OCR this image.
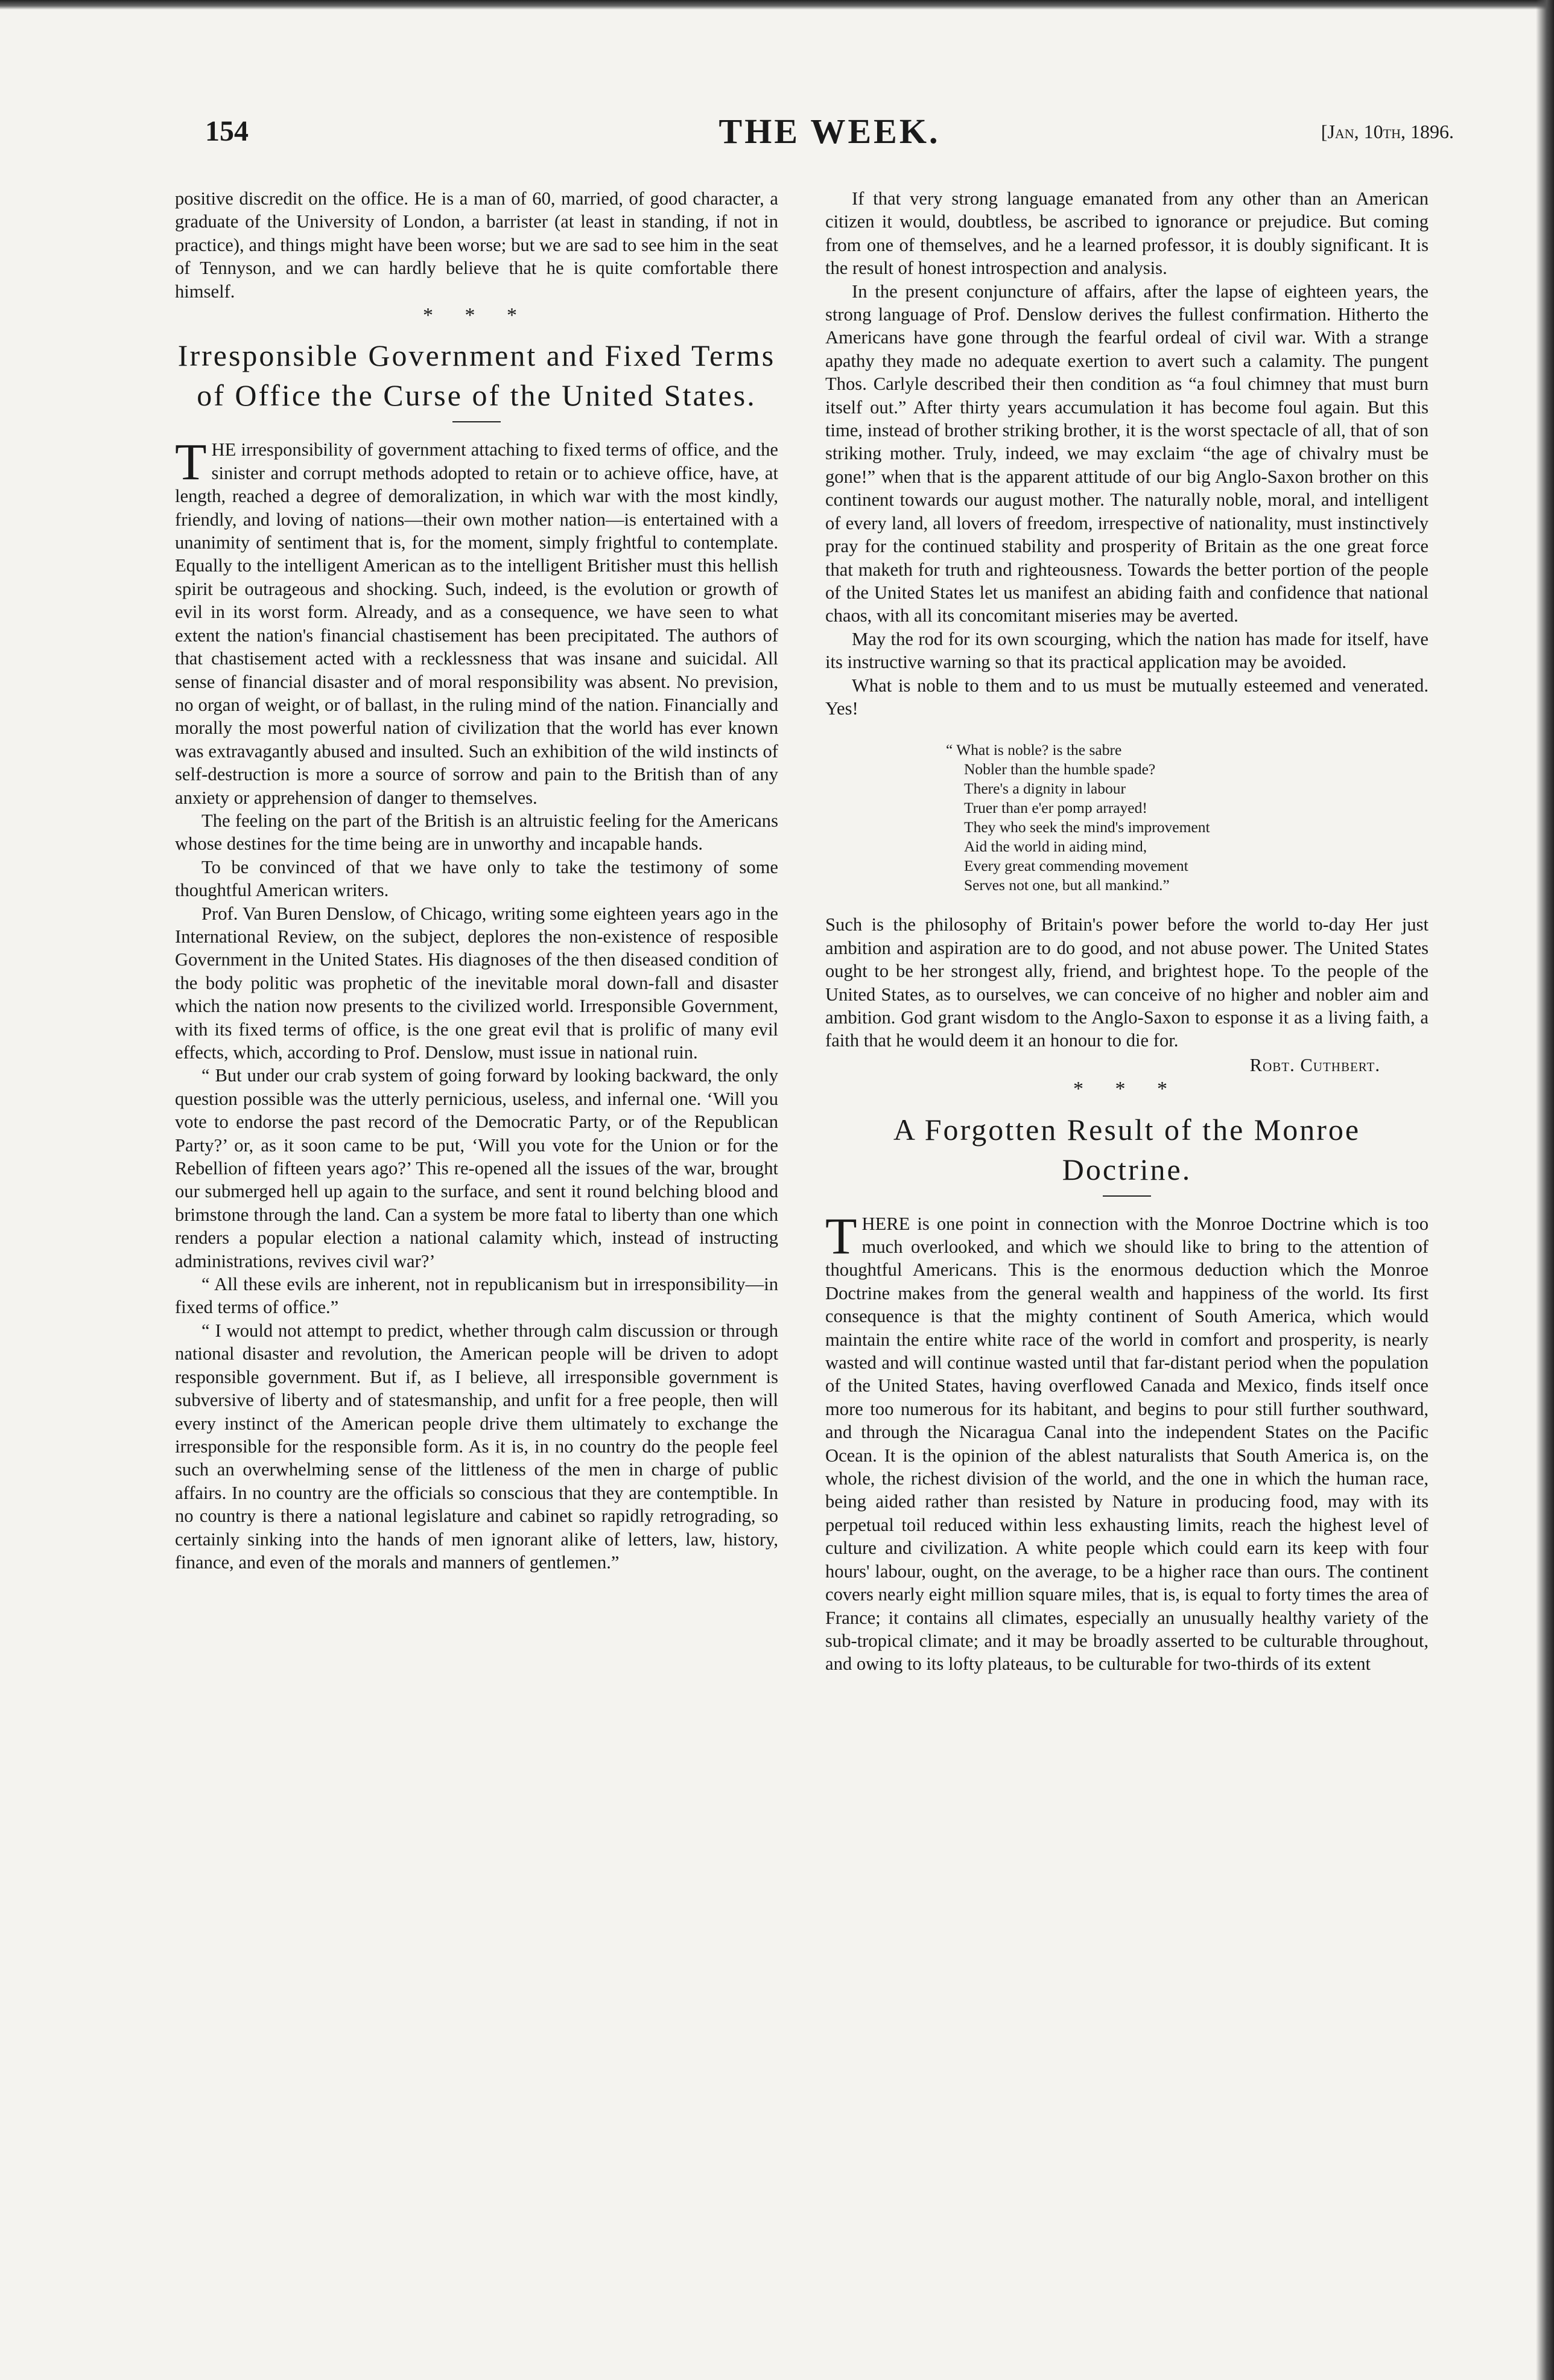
154	THE WEEK.	[Jan, 10th, 1896.

positive discredit on the office. He is a man of 60, married, of good character, a graduate of the University of London, a barrister (at least in standing, if not in practice), and things might have been worse; but we are sad to see him in the seat of Tennyson, and we can hardly believe that he is quite comfortable there himself.

* * *
Irresponsible Government and Fixed Terms of Office the Curse of the United States.

THE irresponsibility of government attaching to fixed terms of office, and the sinister and corrupt methods adopted to retain or to achieve office, have, at length, reached a degree of demoralization, in which war with the most kindly, friendly, and loving of nations—their own mother nation—is entertained with a unanimity of sentiment that is, for the moment, simply frightful to contemplate. Equally to the intelligent American as to the intelligent Britisher must this hellish spirit be outrageous and shocking. Such, indeed, is the evolution or growth of evil in its worst form. Already, and as a consequence, we have seen to what extent the nation's financial chastisement has been precipitated. The authors of that chastisement acted with a recklessness that was insane and suicidal. All sense of financial disaster and of moral responsibility was absent. No prevision, no organ of weight, or of ballast, in the ruling mind of the nation. Financially and morally the most powerful nation of civilization that the world has ever known was extravagantly abused and insulted. Such an exhibition of the wild instincts of self-destruction is more a source of sorrow and pain to the British than of any anxiety or apprehension of danger to themselves.

The feeling on the part of the British is an altruistic feeling for the Americans whose destines for the time being are in unworthy and incapable hands.

To be convinced of that we have only to take the testimony of some thoughtful American writers.

Prof. Van Buren Denslow, of Chicago, writing some eighteen years ago in the International Review, on the subject, deplores the non-existence of resposible Government in the United States. His diagnoses of the then diseased condition of the body politic was prophetic of the inevitable moral down-fall and disaster which the nation now presents to the civilized world. Irresponsible Government, with its fixed terms of office, is the one great evil that is prolific of many evil effects, which, according to Prof. Denslow, must issue in national ruin.

“ But under our crab system of going forward by looking backward, the only question possible was the utterly pernicious, useless, and infernal one. ‘Will you vote to endorse the past record of the Democratic Party, or of the Republican Party?’ or, as it soon came to be put, ‘Will you vote for the Union or for the Rebellion of fifteen years ago?’ This re-opened all the issues of the war, brought our submerged hell up again to the surface, and sent it round belching blood and brimstone through the land. Can a system be more fatal to liberty than one which renders a popular election a national calamity which, instead of instructing administrations, revives civil war?’

“ All these evils are inherent, not in republicanism but in irresponsibility—in fixed terms of office.”

“ I would not attempt to predict, whether through calm discussion or through national disaster and revolution, the American people will be driven to adopt responsible government. But if, as I believe, all irresponsible government is subversive of liberty and of statesmanship, and unfit for a free people, then will every instinct of the American people drive them ultimately to exchange the irresponsible for the responsible form. As it is, in no country do the people feel such an overwhelming sense of the littleness of the men in charge of public affairs. In no country are the officials so conscious that they are contemptible. In no country is there a national legislature and cabinet so rapidly retrograding, so certainly sinking into the hands of men ignorant alike of letters, law, history, finance, and even of the morals and manners of gentlemen.”

If that very strong language emanated from any other than an American citizen it would, doubtless, be ascribed to ignorance or prejudice. But coming from one of themselves, and he a learned professor, it is doubly significant. It is the result of honest introspection and analysis.

In the present conjuncture of affairs, after the lapse of eighteen years, the strong language of Prof. Denslow derives the fullest confirmation. Hitherto the Americans have gone through the fearful ordeal of civil war. With a strange apathy they made no adequate exertion to avert such a calamity. The pungent Thos. Carlyle described their then condition as “a foul chimney that must burn itself out.” After thirty years accumulation it has become foul again. But this time, instead of brother striking brother, it is the worst spectacle of all, that of son striking mother. Truly, indeed, we may exclaim “the age of chivalry must be gone!” when that is the apparent attitude of our big Anglo-Saxon brother on this continent towards our august mother. The naturally noble, moral, and intelligent of every land, all lovers of freedom, irrespective of nationality, must instinctively pray for the continued stability and prosperity of Britain as the one great force that maketh for truth and righteousness. Towards the better portion of the people of the United States let us manifest an abiding faith and confidence that national chaos, with all its concomitant miseries may be averted.

May the rod for its own scourging, which the nation has made for itself, have its instructive warning so that its practical application may be avoided.

What is noble to them and to us must be mutually esteemed and venerated. Yes!

“ What is noble? is the sabre
Nobler than the humble spade?
There's a dignity in labour
Truer than e'er pomp arrayed!
They who seek the mind's improvement
Aid the world in aiding mind,
Every great commending movement
Serves not one, but all mankind.”

Such is the philosophy of Britain's power before the world to-day Her just ambition and aspiration are to do good, and not abuse power. The United States ought to be her strongest ally, friend, and brightest hope. To the people of the United States, as to ourselves, we can conceive of no higher and nobler aim and ambition. God grant wisdom to the Anglo-Saxon to esponse it as a living faith, a faith that he would deem it an honour to die for.

Robt. Cuthbert.
* * *
A Forgotten Result of the Monroe Doctrine.

THERE is one point in connection with the Monroe Doctrine which is too much overlooked, and which we should like to bring to the attention of thoughtful Americans. This is the enormous deduction which the Monroe Doctrine makes from the general wealth and happiness of the world. Its first consequence is that the mighty continent of South America, which would maintain the entire white race of the world in comfort and prosperity, is nearly wasted and will continue wasted until that far-distant period when the population of the United States, having overflowed Canada and Mexico, finds itself once more too numerous for its habitant, and begins to pour still further southward, and through the Nicaragua Canal into the independent States on the Pacific Ocean. It is the opinion of the ablest naturalists that South America is, on the whole, the richest division of the world, and the one in which the human race, being aided rather than resisted by Nature in producing food, may with its perpetual toil reduced within less exhausting limits, reach the highest level of culture and civilization. A white people which could earn its keep with four hours' labour, ought, on the average, to be a higher race than ours. The continent covers nearly eight million square miles, that is, is equal to forty times the area of France; it contains all climates, especially an unusually healthy variety of the sub-tropical climate; and it may be broadly asserted to be culturable throughout, and owing to its lofty plateaus, to be culturable for two-thirds of its extent
